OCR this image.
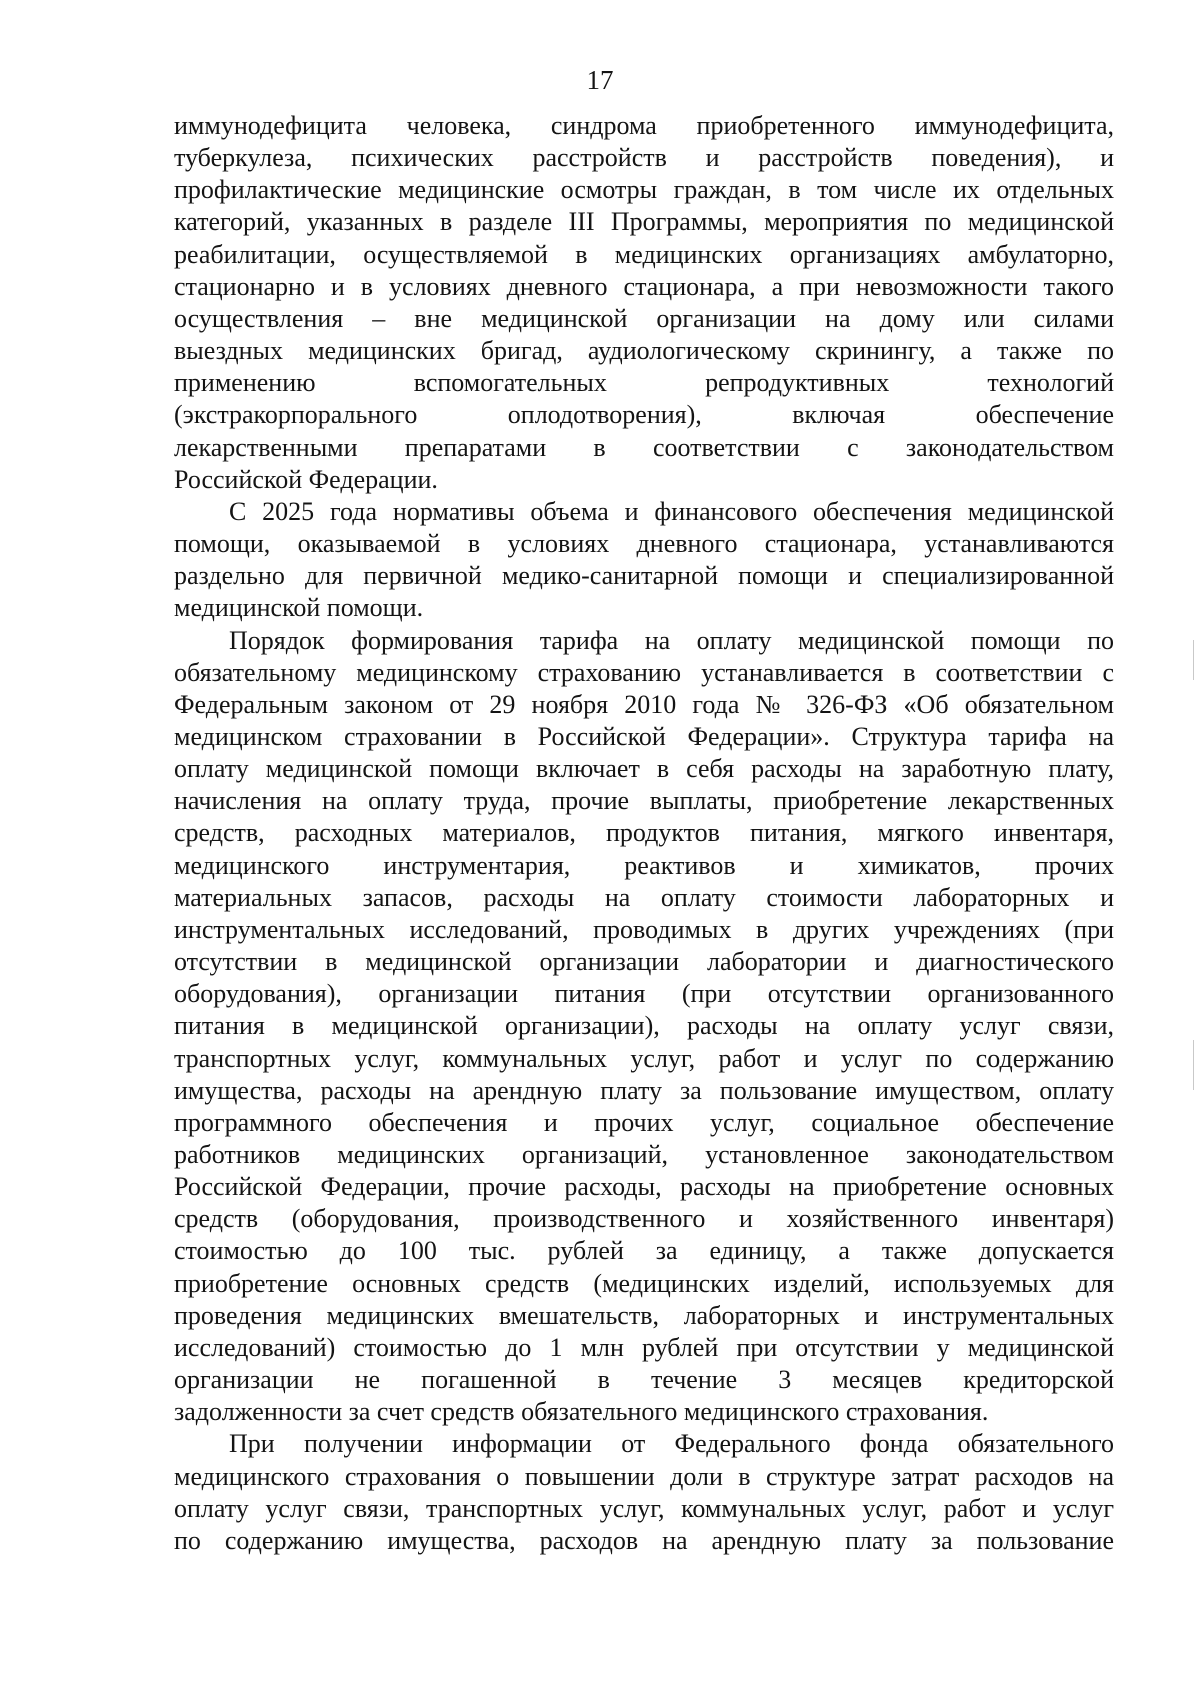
17

иммунодефицита человека, синдрома приобретенного иммунодефицита,
туберкулеза, психических расстройств и расстройств поведения), и
профилактические медицинские осмотры граждан, в том числе их отдельных
категорий, указанных в разделе III Программы, мероприятия по медицинской
реабилитации, осуществляемой в медицинских организациях амбулаторно,
стационарно и в условиях дневного стационара, а при невозможности такого
осуществления – вне медицинской организации на дому или силами
выездных медицинских бригад, аудиологическому скринингу, а также по
применению вспомогательных репродуктивных технологий
(экстракорпорального оплодотворения), включая обеспечение
лекарственными препаратами в соответствии с законодательством
Российской Федерации.

С 2025 года нормативы объема и финансового обеспечения медицинской
помощи, оказываемой в условиях дневного стационара, устанавливаются
раздельно для первичной медико-санитарной помощи и специализированной
медицинской помощи.

Порядок формирования тарифа на оплату медицинской помощи по
обязательному медицинскому страхованию устанавливается в соответствии с
Федеральным законом от 29 ноября 2010 года № 326-ФЗ «Об обязательном
медицинском страховании в Российской Федерации». Структура тарифа на
оплату медицинской помощи включает в себя расходы на заработную плату,
начисления на оплату труда, прочие выплаты, приобретение лекарственных
средств, расходных материалов, продуктов питания, мягкого инвентаря,
медицинского инструментария, реактивов и химикатов, прочих
материальных запасов, расходы на оплату стоимости лабораторных и
инструментальных исследований, проводимых в других учреждениях (при
отсутствии в медицинской организации лаборатории и диагностического
оборудования), организации питания (при отсутствии организованного
питания в медицинской организации), расходы на оплату услуг связи,
транспортных услуг, коммунальных услуг, работ и услуг по содержанию
имущества, расходы на арендную плату за пользование имуществом, оплату
программного обеспечения и прочих услуг, социальное обеспечение
работников медицинских организаций, установленное законодательством
Российской Федерации, прочие расходы, расходы на приобретение основных
средств (оборудования, производственного и хозяйственного инвентаря)
стоимостью до 100 тыс. рублей за единицу, а также допускается
приобретение основных средств (медицинских изделий, используемых для
проведения медицинских вмешательств, лабораторных и инструментальных
исследований) стоимостью до 1 млн рублей при отсутствии у медицинской
организации не погашенной в течение 3 месяцев кредиторской
задолженности за счет средств обязательного медицинского страхования.

При получении информации от Федерального фонда обязательного
медицинского страхования о повышении доли в структуре затрат расходов на
оплату услуг связи, транспортных услуг, коммунальных услуг, работ и услуг
по содержанию имущества, расходов на арендную плату за пользование
